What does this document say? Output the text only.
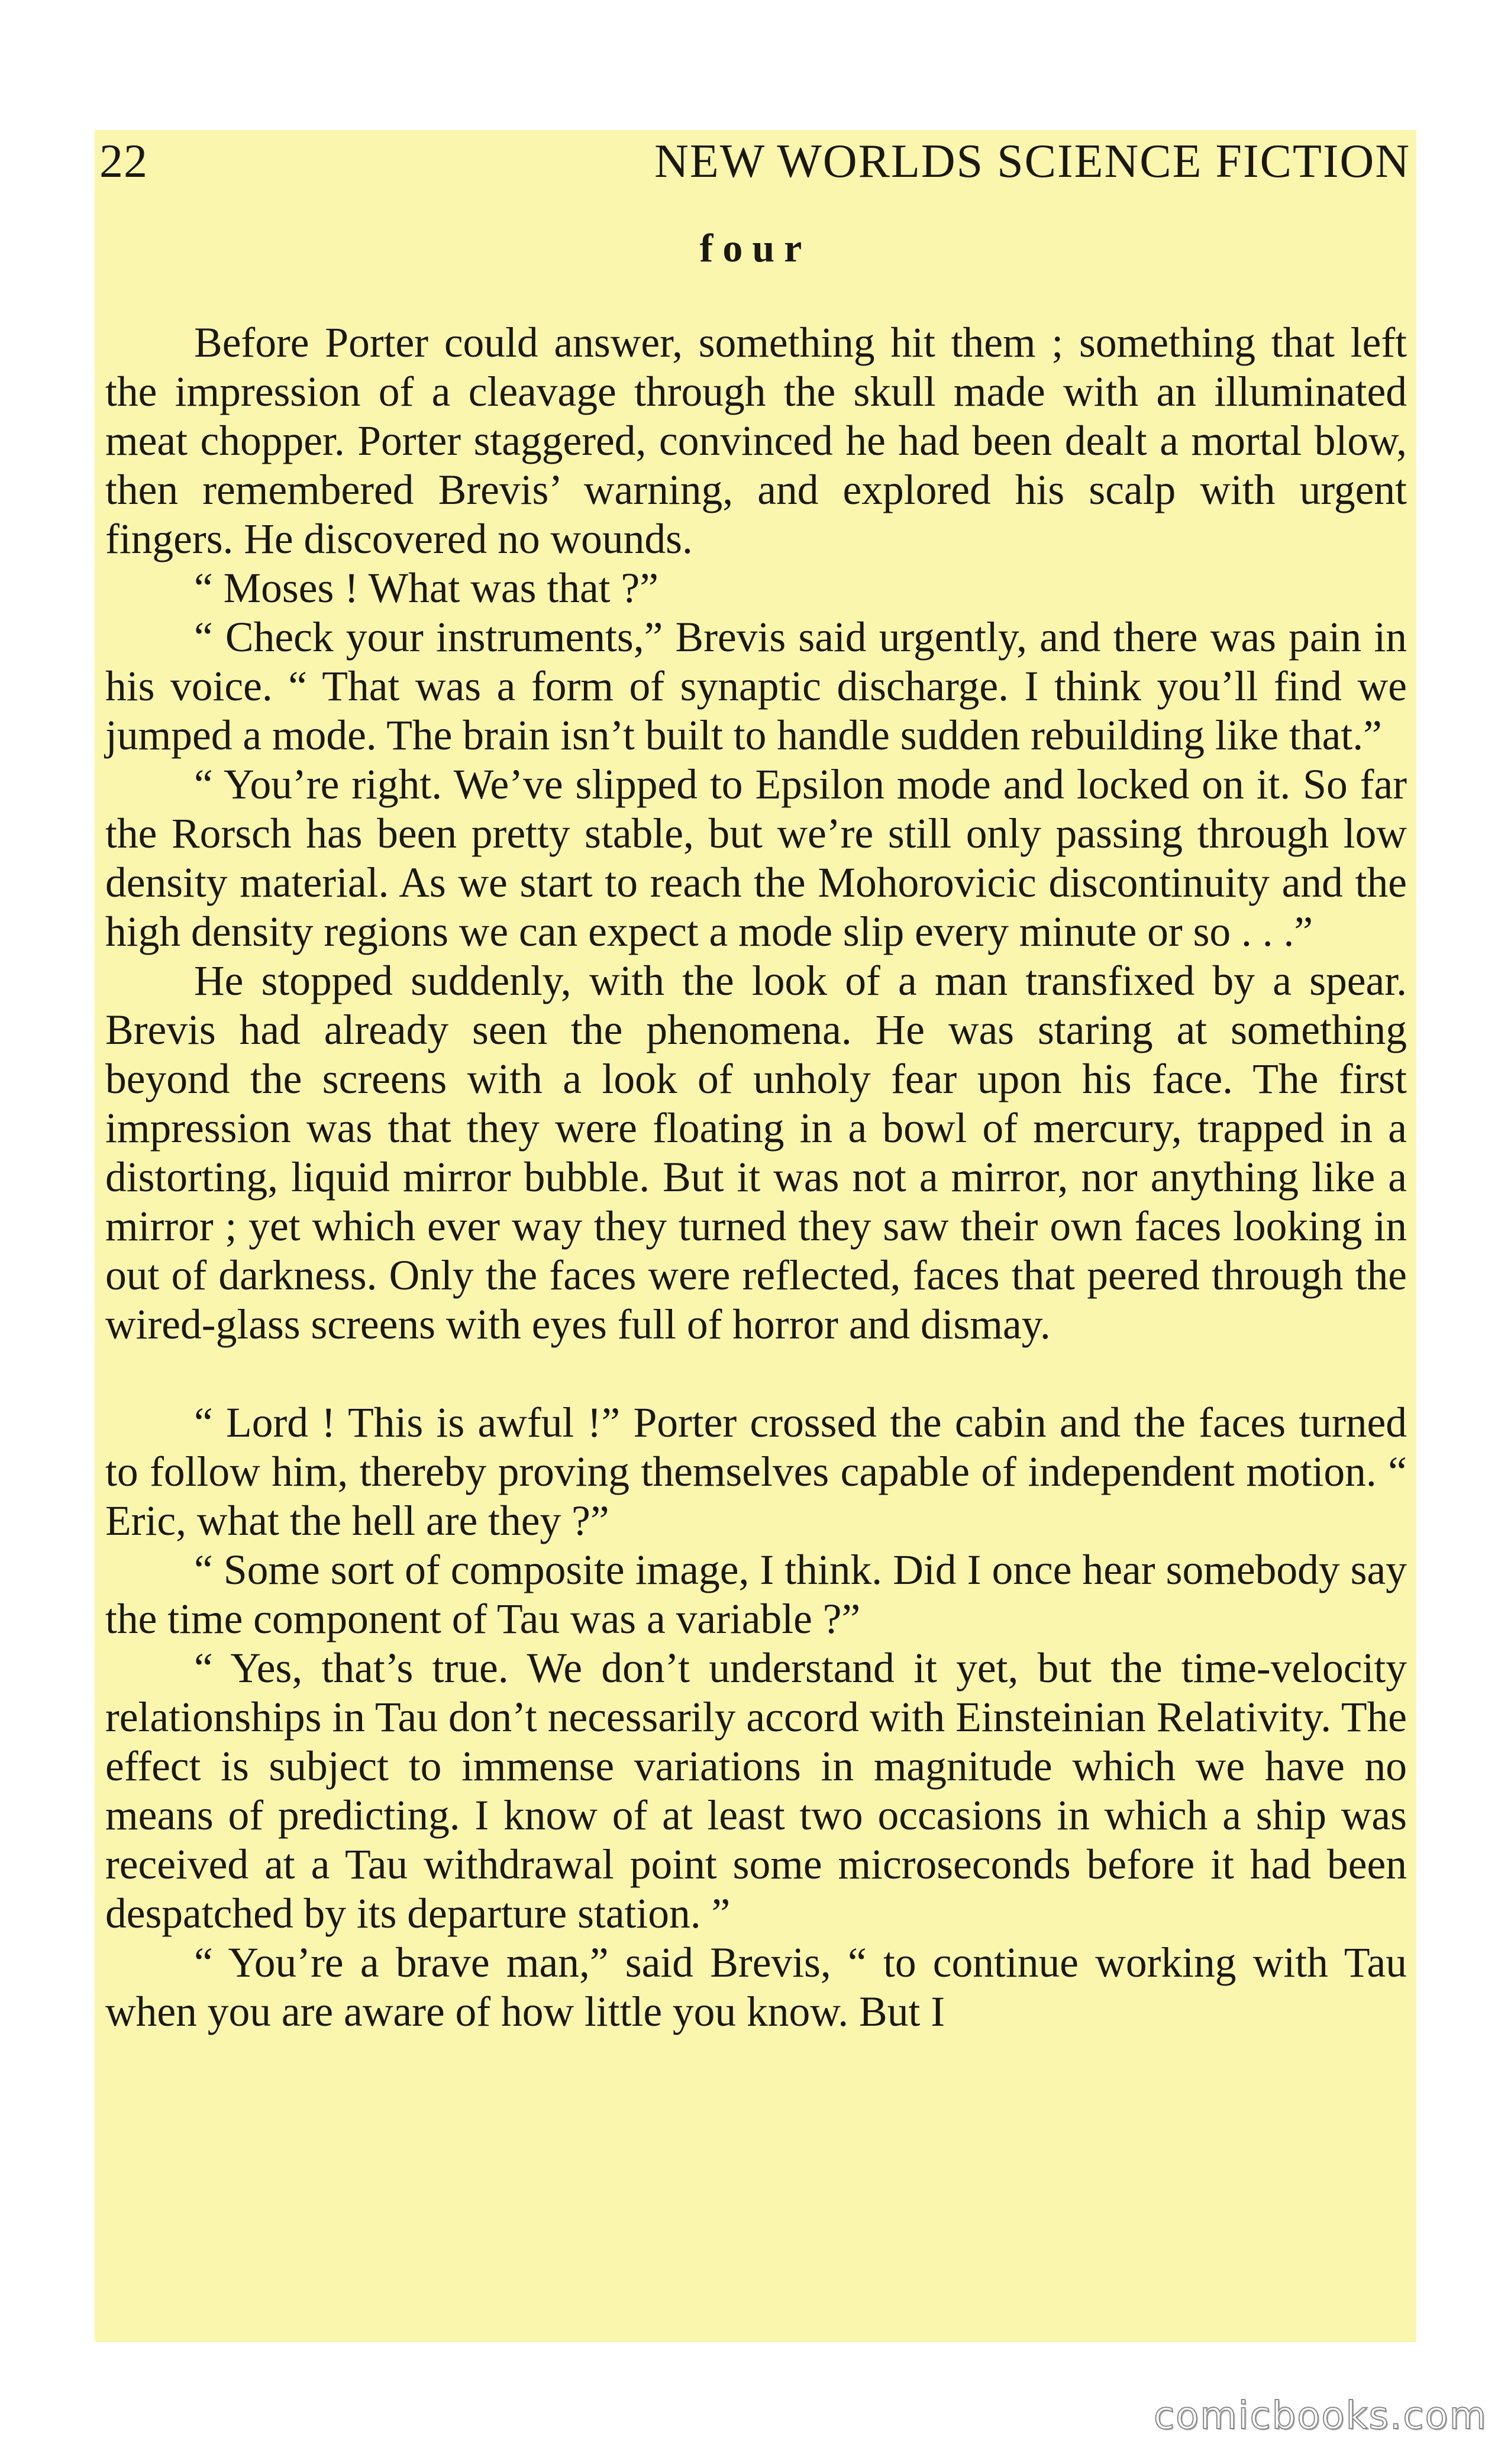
22	NEW WORLDS SCIENCE FICTION
four

Before Porter could answer, something hit them ; something that left the impression of a cleavage through the skull made with an illuminated meat chopper. Porter staggered, convinced he had been dealt a mortal blow, then remembered Brevis’ warning, and explored his scalp with urgent fingers. He discovered no wounds.

“ Moses ! What was that ?”

“ Check your instruments,” Brevis said urgently, and there was pain in his voice. “ That was a form of synaptic discharge. I think you’ll find we jumped a mode. The brain isn’t built to handle sudden rebuilding like that.”

“ You’re right. We’ve slipped to Epsilon mode and locked on it. So far the Rorsch has been pretty stable, but we’re still only passing through low density material. As we start to reach the Mohorovicic discontinuity and the high density regions we can expect a mode slip every minute or so . . .”

He stopped suddenly, with the look of a man transfixed by a spear. Brevis had already seen the phenomena. He was staring at something beyond the screens with a look of unholy fear upon his face. The first impression was that they were floating in a bowl of mercury, trapped in a distorting, liquid mirror bubble. But it was not a mirror, nor anything like a mirror ; yet which ever way they turned they saw their own faces looking in out of darkness. Only the faces were reflected, faces that peered through the wired-glass screens with eyes full of horror and dismay.

“ Lord ! This is awful !” Porter crossed the cabin and the faces turned to follow him, thereby proving themselves capable of independent motion. “ Eric, what the hell are they ?”

“ Some sort of composite image, I think. Did I once hear somebody say the time component of Tau was a variable ?”

“ Yes, that’s true. We don’t understand it yet, but the time-velocity relationships in Tau don’t necessarily accord with Einsteinian Relativity. The effect is subject to immense variations in magnitude which we have no means of predicting. I know of at least two occasions in which a ship was received at a Tau withdrawal point some microseconds before it had been despatched by its departure station. ”

“ You’re a brave man,” said Brevis, “ to continue working with Tau when you are aware of how little you know. But I

comicbooks.com
